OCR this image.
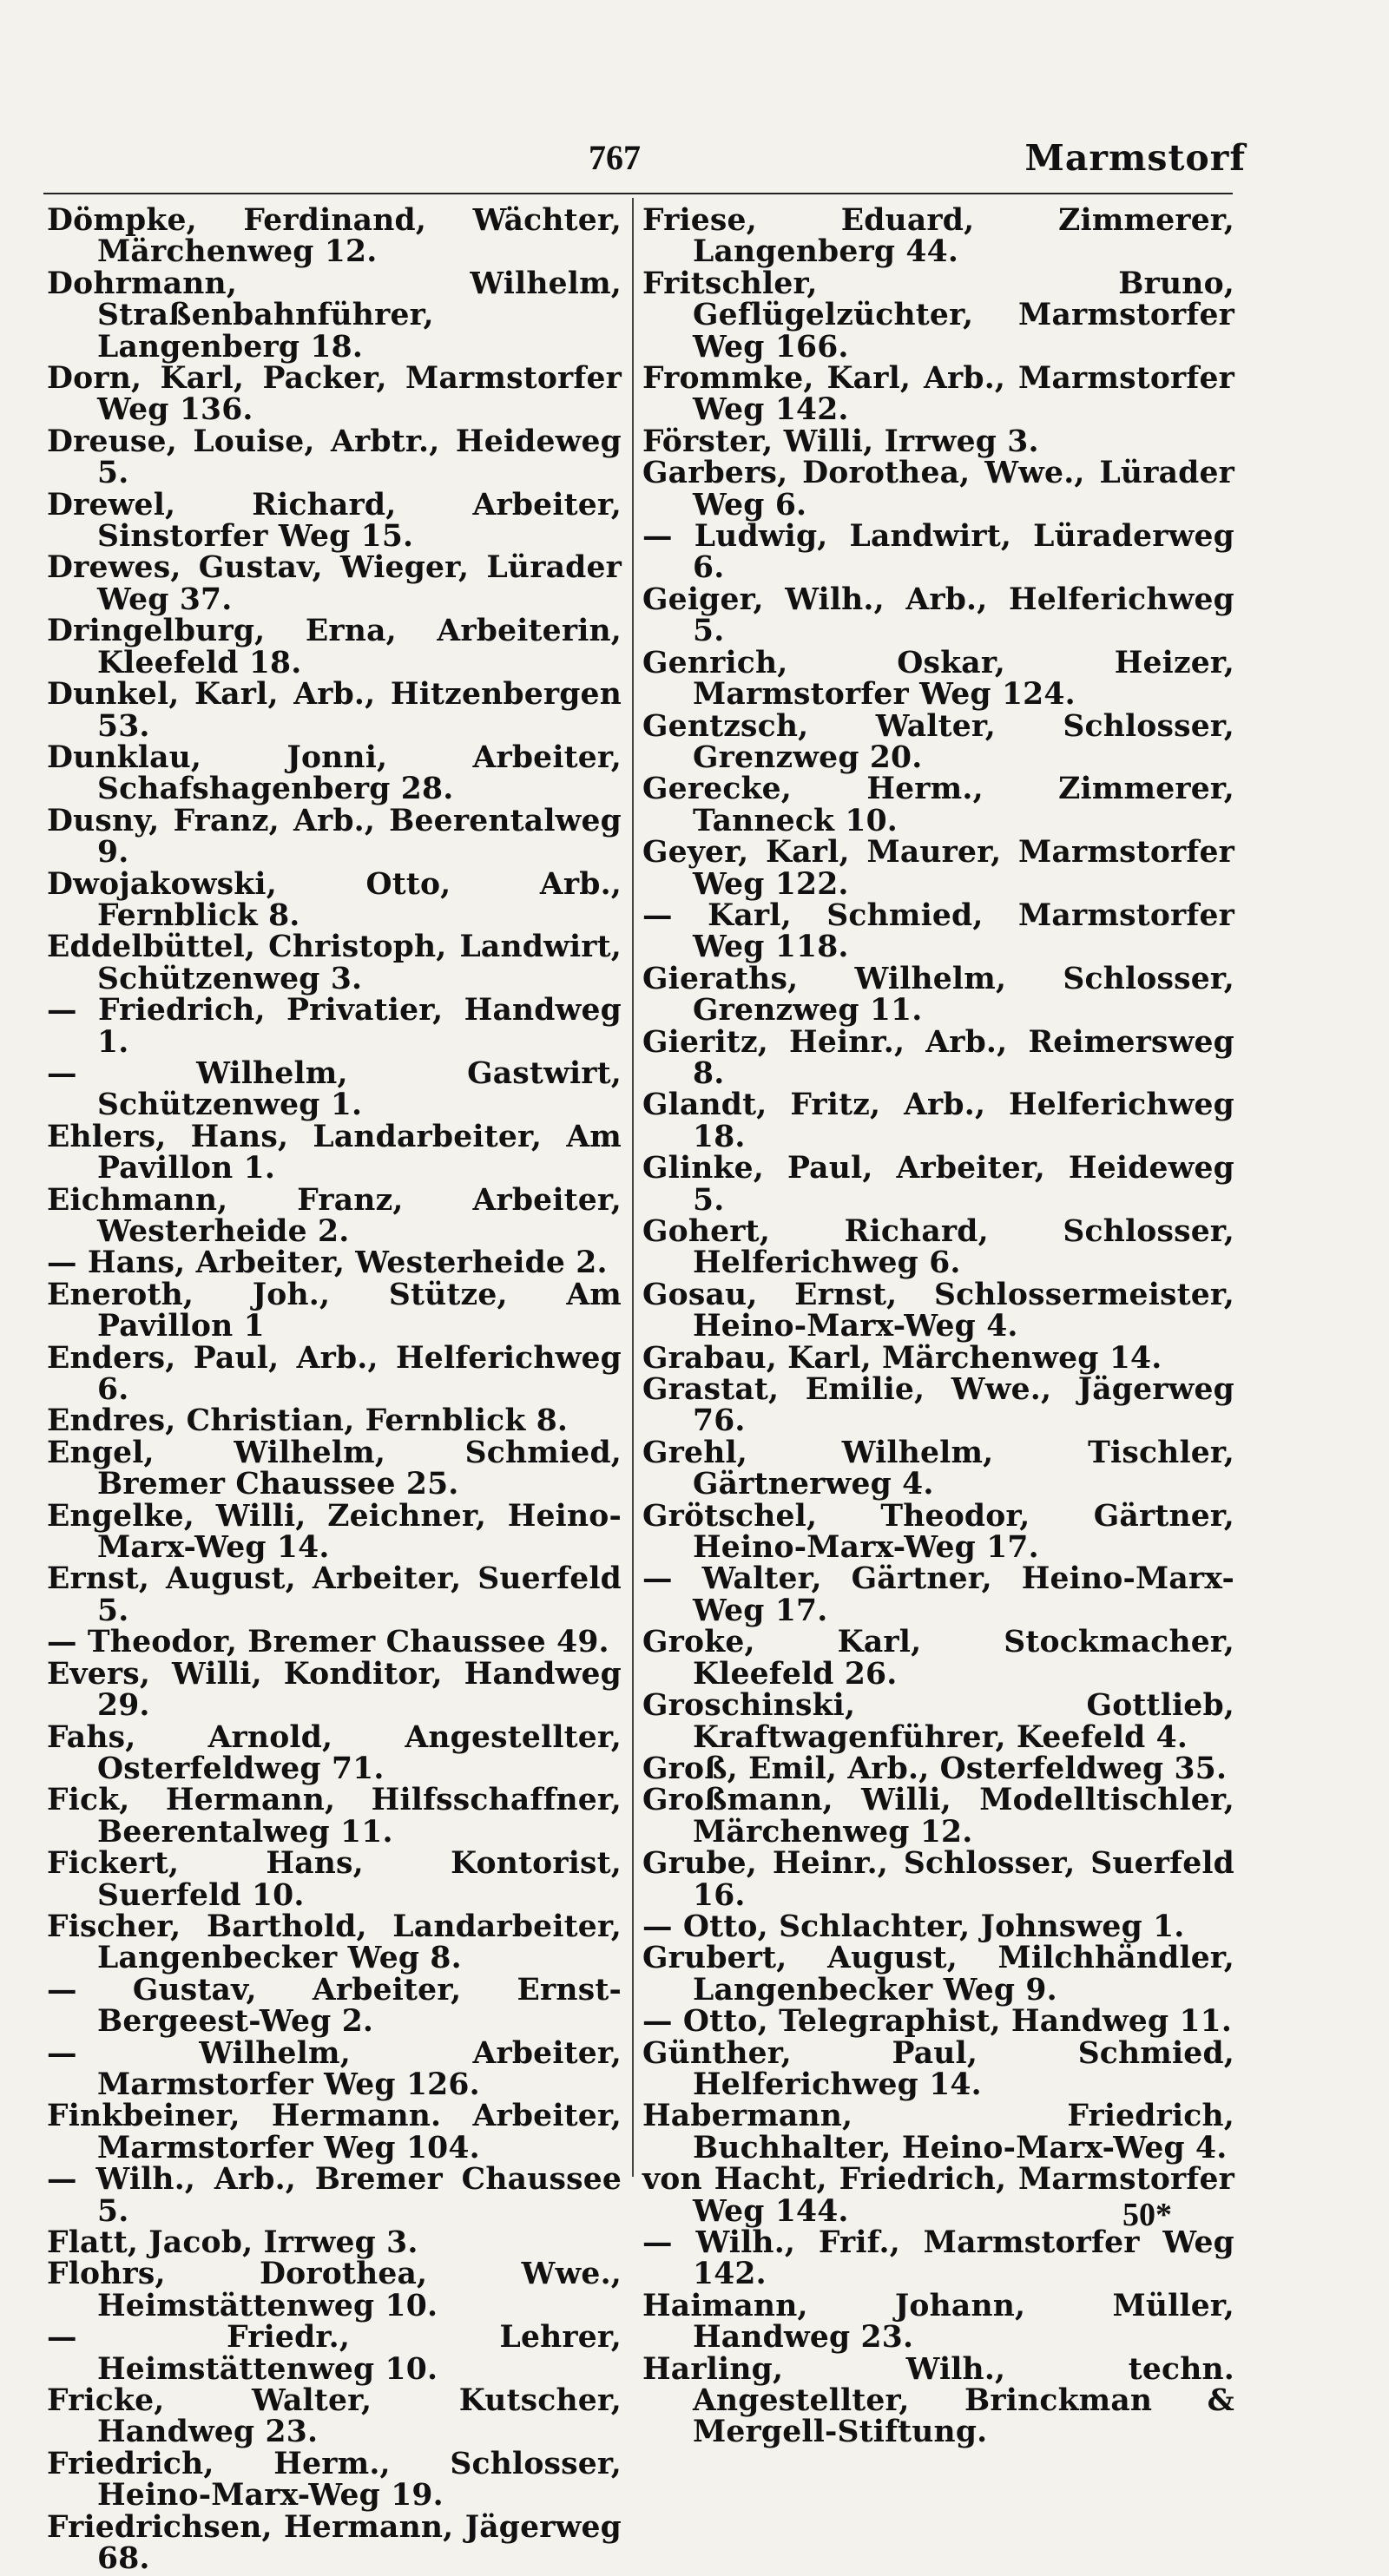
767	Marmstorf
Dömpke, Ferdinand, Wächter, Märchenweg 12.
Dohrmann, Wilhelm, Straßenbahnführer, Langenberg 18.
Dorn, Karl, Packer, Marmstorfer Weg 136.
Dreuse, Louise, Arbtr., Heideweg 5.
Drewel, Richard, Arbeiter, Sinstorfer Weg 15.
Drewes, Gustav, Wieger, Lürader Weg 37.
Dringelburg, Erna, Arbeiterin, Kleefeld 18.
Dunkel, Karl, Arb., Hitzenbergen 53.
Dunklau, Jonni, Arbeiter, Schafshagenberg 28.
Dusny, Franz, Arb., Beerentalweg 9.
Dwojakowski, Otto, Arb., Fernblick 8.
Eddelbüttel, Christoph, Landwirt, Schützenweg 3.
— Friedrich, Privatier, Handweg 1.
— Wilhelm, Gastwirt, Schützenweg 1.
Ehlers, Hans, Landarbeiter, Am Pavillon 1.
Eichmann, Franz, Arbeiter, Westerheide 2.
— Hans, Arbeiter, Westerheide 2.
Eneroth, Joh., Stütze, Am Pavillon 1
Enders, Paul, Arb., Helferichweg 6.
Endres, Christian, Fernblick 8.
Engel, Wilhelm, Schmied, Bremer Chaussee 25.
Engelke, Willi, Zeichner, Heino-Marx-Weg 14.
Ernst, August, Arbeiter, Suerfeld 5.
— Theodor, Bremer Chaussee 49.
Evers, Willi, Konditor, Handweg 29.
Fahs, Arnold, Angestellter, Osterfeldweg 71.
Fick, Hermann, Hilfsschaffner, Beerentalweg 11.
Fickert, Hans, Kontorist, Suerfeld 10.
Fischer, Barthold, Landarbeiter, Langenbecker Weg 8.
— Gustav, Arbeiter, Ernst-Bergeest-Weg 2.
— Wilhelm, Arbeiter, Marmstorfer Weg 126.
Finkbeiner, Hermann. Arbeiter, Marmstorfer Weg 104.
— Wilh., Arb., Bremer Chaussee 5.
Flatt, Jacob, Irrweg 3.
Flohrs, Dorothea, Wwe., Heimstättenweg 10.
— Friedr., Lehrer, Heimstättenweg 10.
Fricke, Walter, Kutscher, Handweg 23.
Friedrich, Herm., Schlosser, Heino-Marx-Weg 19.
Friedrichsen, Hermann, Jägerweg 68.
Friese, Eduard, Zimmerer, Langenberg 44.
Fritschler, Bruno, Geflügelzüchter, Marmstorfer Weg 166.
Frommke, Karl, Arb., Marmstorfer Weg 142.
Förster, Willi, Irrweg 3.
Garbers, Dorothea, Wwe., Lürader Weg 6.
— Ludwig, Landwirt, Lüraderweg 6.
Geiger, Wilh., Arb., Helferichweg 5.
Genrich, Oskar, Heizer, Marmstorfer Weg 124.
Gentzsch, Walter, Schlosser, Grenzweg 20.
Gerecke, Herm., Zimmerer, Tanneck 10.
Geyer, Karl, Maurer, Marmstorfer Weg 122.
— Karl, Schmied, Marmstorfer Weg 118.
Gieraths, Wilhelm, Schlosser, Grenzweg 11.
Gieritz, Heinr., Arb., Reimersweg 8.
Glandt, Fritz, Arb., Helferichweg 18.
Glinke, Paul, Arbeiter, Heideweg 5.
Gohert, Richard, Schlosser, Helferichweg 6.
Gosau, Ernst, Schlossermeister, Heino-Marx-Weg 4.
Grabau, Karl, Märchenweg 14.
Grastat, Emilie, Wwe., Jägerweg 76.
Grehl, Wilhelm, Tischler, Gärtnerweg 4.
Grötschel, Theodor, Gärtner, Heino-Marx-Weg 17.
— Walter, Gärtner, Heino-Marx-Weg 17.
Groke, Karl, Stockmacher, Kleefeld 26.
Groschinski, Gottlieb, Kraftwagenführer, Keefeld 4.
Groß, Emil, Arb., Osterfeldweg 35.
Großmann, Willi, Modelltischler, Märchenweg 12.
Grube, Heinr., Schlosser, Suerfeld 16.
— Otto, Schlachter, Johnsweg 1.
Grubert, August, Milchhändler, Langenbecker Weg 9.
— Otto, Telegraphist, Handweg 11.
Günther, Paul, Schmied, Helferichweg 14.
Habermann, Friedrich, Buchhalter, Heino-Marx-Weg 4.
von Hacht, Friedrich, Marmstorfer Weg 144.
— Wilh., Frif., Marmstorfer Weg 142.
Haimann, Johann, Müller, Handweg 23.
Harling, Wilh., techn. Angestellter, Brinckman & Mergell-Stiftung.
50*
